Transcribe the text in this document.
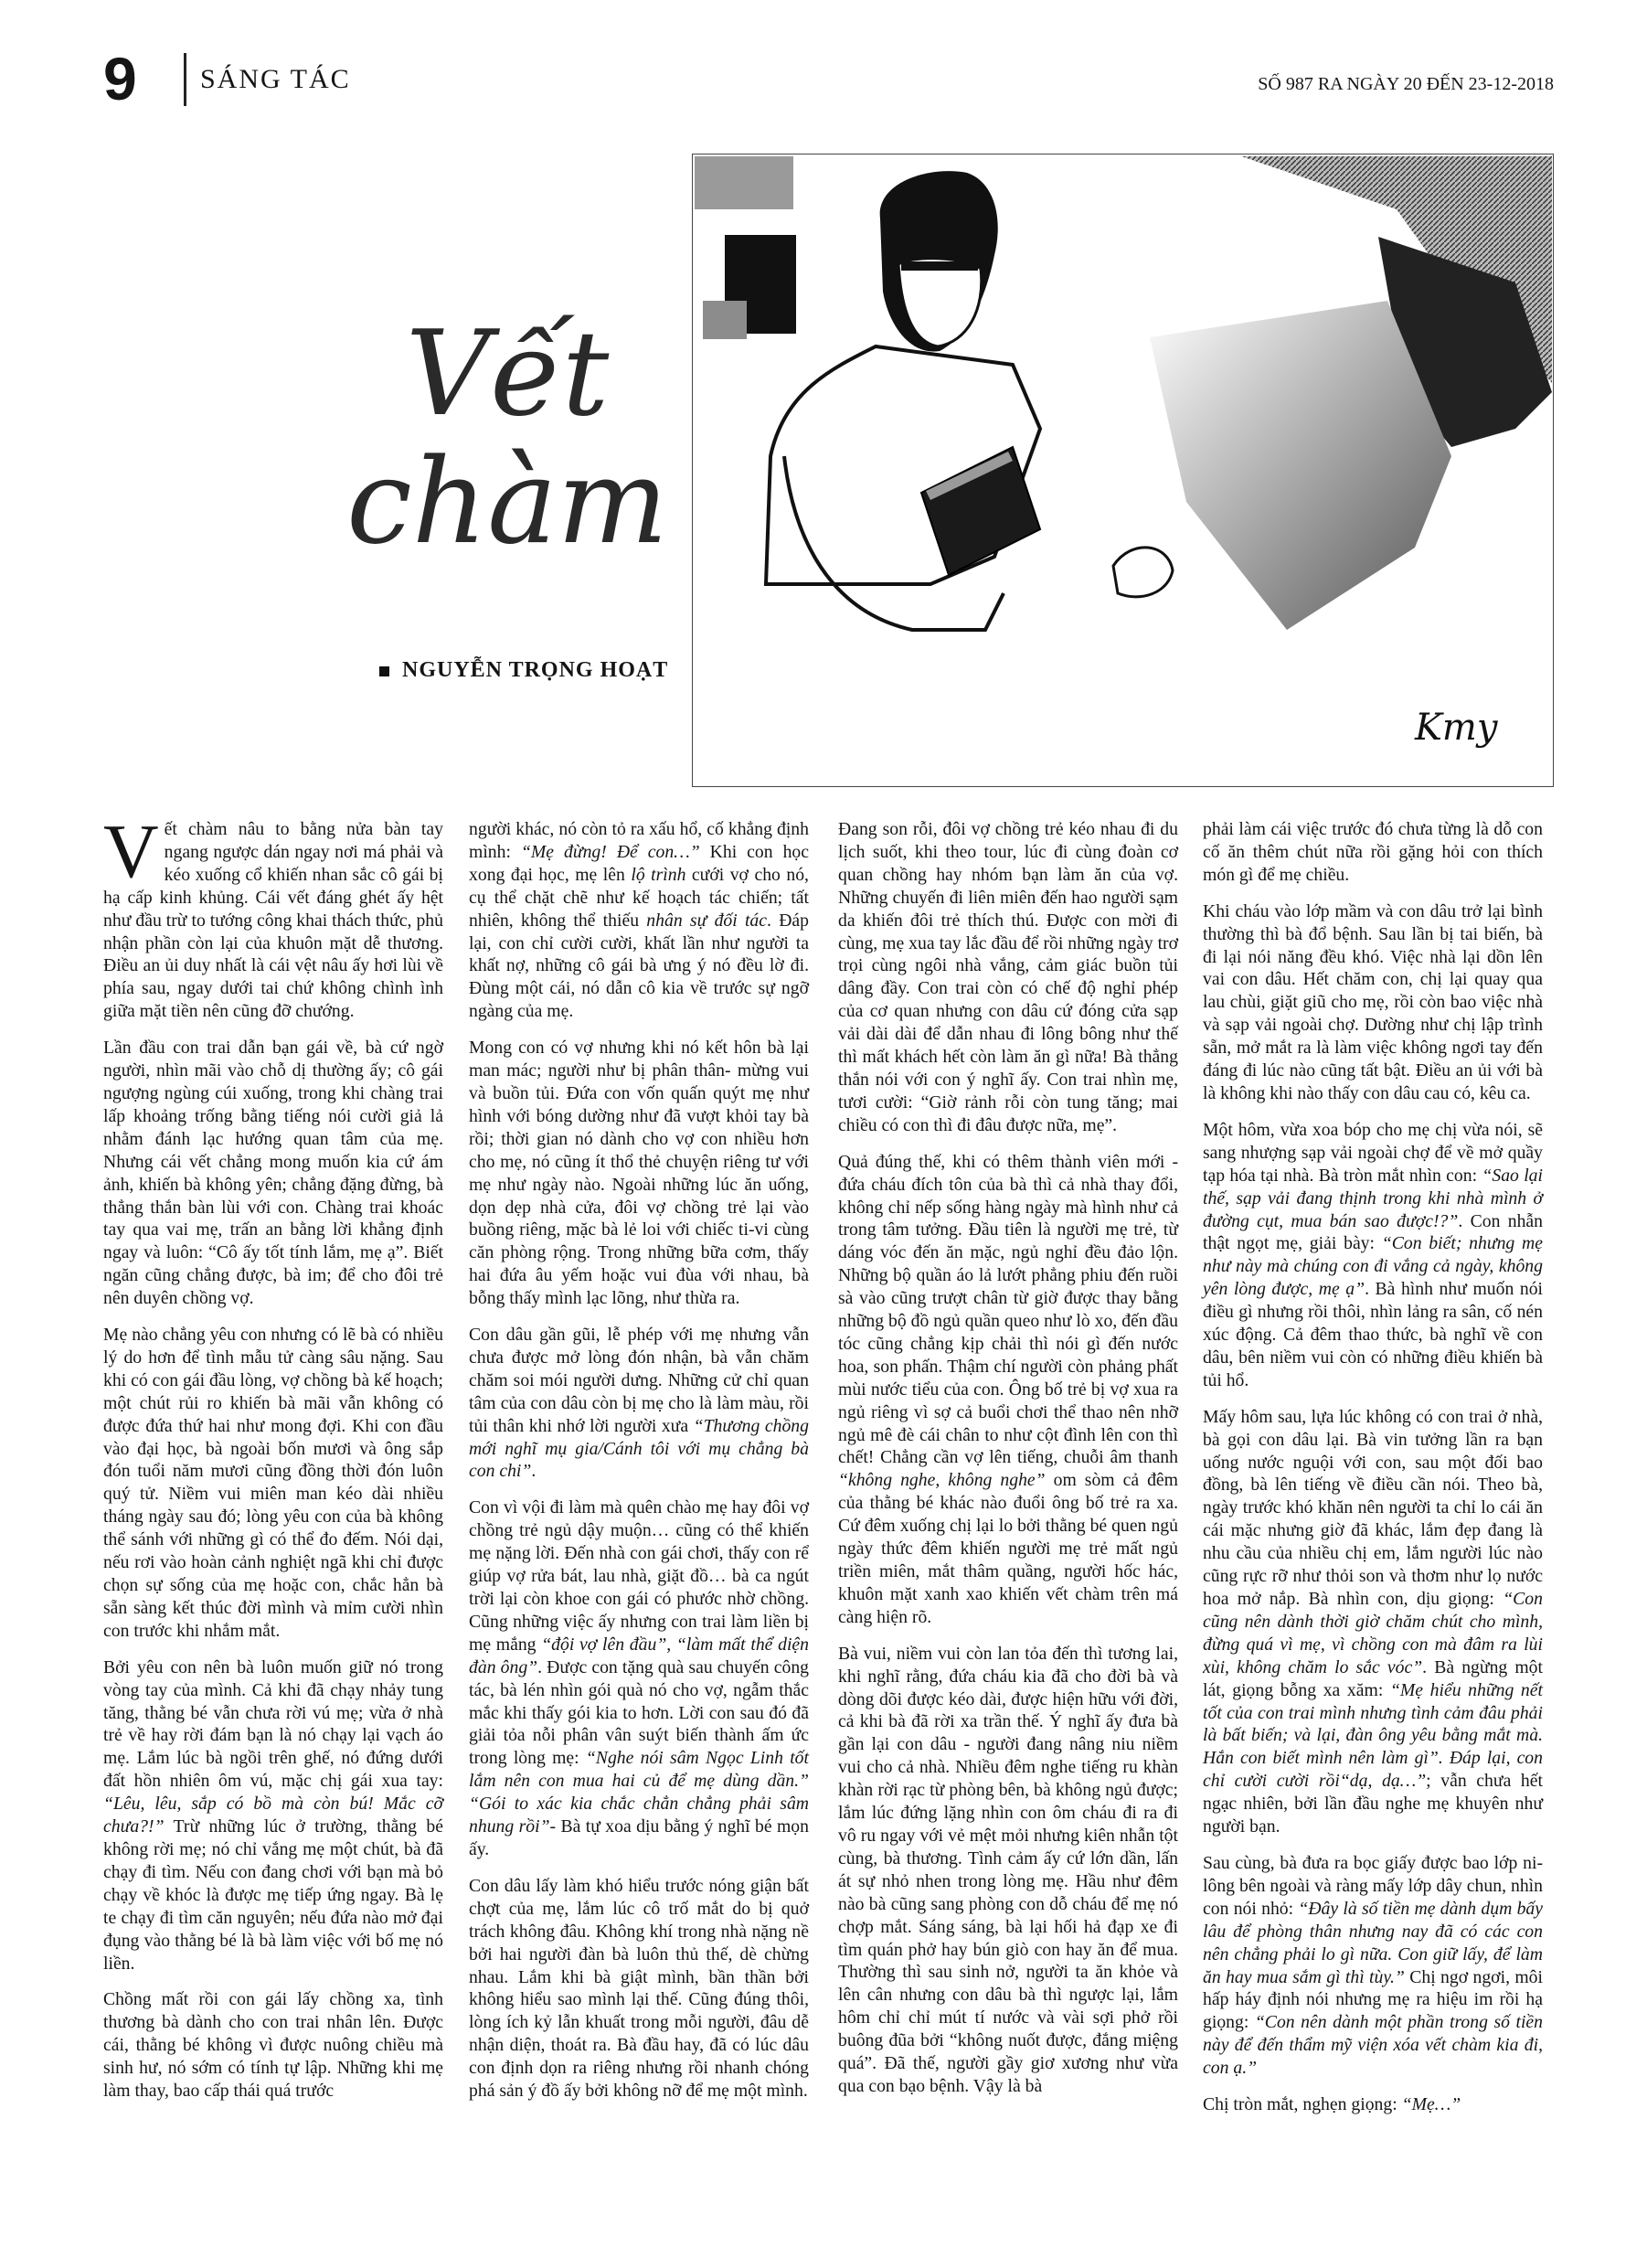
9 SÁNG TÁC	SỐ 987 RA NGÀY 20 ĐẾN 23-12-2018
Vết
chàm
NGUYỄN TRỌNG HOẠT
Kmy

Vết chàm nâu to bằng nửa bàn tay ngang ngược dán ngay nơi má phải và kéo xuống cổ khiến nhan sắc cô gái bị hạ cấp kinh khủng. Cái vết đáng ghét ấy hệt như đầu trừ to tướng công khai thách thức, phủ nhận phần còn lại của khuôn mặt dễ thương. Điều an ủi duy nhất là cái vệt nâu ấy hơi lùi về phía sau, ngay dưới tai chứ không chình ình giữa mặt tiền nên cũng đỡ chướng.

Lần đầu con trai dẫn bạn gái về, bà cứ ngờ người, nhìn mãi vào chỗ dị thường ấy; cô gái ngượng ngùng cúi xuống, trong khi chàng trai lấp khoảng trống bằng tiếng nói cười giả lả nhằm đánh lạc hướng quan tâm của mẹ. Nhưng cái vết chẳng mong muốn kia cứ ám ảnh, khiến bà không yên; chẳng đặng đừng, bà thẳng thắn bàn lùi với con. Chàng trai khoác tay qua vai mẹ, trấn an bằng lời khẳng định ngay và luôn: “Cô ấy tốt tính lắm, mẹ ạ”. Biết ngăn cũng chẳng được, bà im; để cho đôi trẻ nên duyên chồng vợ.

Mẹ nào chẳng yêu con nhưng có lẽ bà có nhiều lý do hơn để tình mẫu tử càng sâu nặng. Sau khi có con gái đầu lòng, vợ chồng bà kế hoạch; một chút rủi ro khiến bà mãi vẫn không có được đứa thứ hai như mong đợi. Khi con đầu vào đại học, bà ngoài bốn mươi và ông sắp đón tuổi năm mươi cũng đồng thời đón luôn quý tử. Niềm vui miên man kéo dài nhiều tháng ngày sau đó; lòng yêu con của bà không thể sánh với những gì có thể đo đếm. Nói dại, nếu rơi vào hoàn cảnh nghiệt ngã khi chỉ được chọn sự sống của mẹ hoặc con, chắc hẳn bà sẵn sàng kết thúc đời mình và mỉm cười nhìn con trước khi nhắm mắt.

Bởi yêu con nên bà luôn muốn giữ nó trong vòng tay của mình. Cả khi đã chạy nhảy tung tăng, thằng bé vẫn chưa rời vú mẹ; vừa ở nhà trẻ về hay rời đám bạn là nó chạy lại vạch áo mẹ. Lắm lúc bà ngồi trên ghế, nó đứng dưới đất hồn nhiên ôm vú, mặc chị gái xua tay: “Lêu, lêu, sắp có bồ mà còn bú! Mắc cỡ chưa?!” Trừ những lúc ở trường, thằng bé không rời mẹ; nó chỉ vắng mẹ một chút, bà đã chạy đi tìm. Nếu con đang chơi với bạn mà bỏ chạy về khóc là được mẹ tiếp ứng ngay. Bà lẹ te chạy đi tìm căn nguyên; nếu đứa nào mở đại đụng vào thằng bé là bà làm việc với bố mẹ nó liền.

Chồng mất rồi con gái lấy chồng xa, tình thương bà dành cho con trai nhân lên. Được cái, thằng bé không vì được nuông chiều mà sinh hư, nó sớm có tính tự lập. Những khi mẹ làm thay, bao cấp thái quá trước

người khác, nó còn tỏ ra xấu hổ, cố khẳng định mình: “Mẹ đừng! Để con…” Khi con học xong đại học, mẹ lên lộ trình cưới vợ cho nó, cụ thể chặt chẽ như kế hoạch tác chiến; tất nhiên, không thể thiếu nhân sự đối tác. Đáp lại, con chỉ cười cười, khất lần như người ta khất nợ, những cô gái bà ưng ý nó đều lờ đi. Đùng một cái, nó dẫn cô kia về trước sự ngỡ ngàng của mẹ.

Mong con có vợ nhưng khi nó kết hôn bà lại man mác; người như bị phân thân- mừng vui và buồn tủi. Đứa con vốn quấn quýt mẹ như hình với bóng dường như đã vượt khỏi tay bà rồi; thời gian nó dành cho vợ con nhiều hơn cho mẹ, nó cũng ít thổ thẻ chuyện riêng tư với mẹ như ngày nào. Ngoài những lúc ăn uống, dọn dẹp nhà cửa, đôi vợ chồng trẻ lại vào buồng riêng, mặc bà lẻ loi với chiếc ti-vi cùng căn phòng rộng. Trong những bữa cơm, thấy hai đứa âu yếm hoặc vui đùa với nhau, bà bỗng thấy mình lạc lõng, như thừa ra.

Con dâu gần gũi, lễ phép với mẹ nhưng vẫn chưa được mở lòng đón nhận, bà vẫn chăm chăm soi mói người dưng. Những cử chỉ quan tâm của con dâu còn bị mẹ cho là làm màu, rồi tủi thân khi nhớ lời người xưa “Thương chồng mới nghĩ mụ gia/Cánh tôi với mụ chẳng bà con chi”.

Con vì vội đi làm mà quên chào mẹ hay đôi vợ chồng trẻ ngủ dậy muộn… cũng có thể khiến mẹ nặng lời. Đến nhà con gái chơi, thấy con rể giúp vợ rửa bát, lau nhà, giặt đồ… bà ca ngút trời lại còn khoe con gái có phước nhờ chồng. Cũng những việc ấy nhưng con trai làm liền bị mẹ mắng “đội vợ lên đầu”, “làm mất thể diện đàn ông”. Được con tặng quà sau chuyến công tác, bà lén nhìn gói quà nó cho vợ, ngẫm thắc mắc khi thấy gói kia to hơn. Lời con sau đó đã giải tỏa nỗi phân vân suýt biến thành ấm ức trong lòng mẹ: “Nghe nói sâm Ngọc Linh tốt lắm nên con mua hai củ để mẹ dùng dần.” “Gói to xác kia chắc chẳn chẳng phải sâm nhung rồi”- Bà tự xoa dịu bằng ý nghĩ bé mọn ấy.

Con dâu lấy làm khó hiểu trước nóng giận bất chợt của mẹ, lắm lúc cô trố mắt do bị quở trách không đâu. Không khí trong nhà nặng nề bởi hai người đàn bà luôn thủ thế, dè chừng nhau. Lắm khi bà giật mình, bần thần bởi không hiểu sao mình lại thế. Cũng đúng thôi, lòng ích kỷ lẫn khuất trong mỗi người, đâu dễ nhận diện, thoát ra. Bà đầu hay, đã có lúc dâu con định dọn ra riêng nhưng rồi nhanh chóng phá sản ý đồ ấy bởi không nỡ để mẹ một mình.

Đang son rỗi, đôi vợ chồng trẻ kéo nhau đi du lịch suốt, khi theo tour, lúc đi cùng đoàn cơ quan chồng hay nhóm bạn làm ăn của vợ. Những chuyến đi liên miên đến hao người sạm da khiến đôi trẻ thích thú. Được con mời đi cùng, mẹ xua tay lắc đầu để rồi những ngày trơ trọi cùng ngôi nhà vắng, cảm giác buồn tủi dâng đầy. Con trai còn có chế độ nghỉ phép của cơ quan nhưng con dâu cứ đóng cửa sạp vải dài dài để dẫn nhau đi lông bông như thế thì mất khách hết còn làm ăn gì nữa! Bà thẳng thắn nói với con ý nghĩ ấy. Con trai nhìn mẹ, tươi cười: “Giờ rảnh rỗi còn tung tăng; mai chiều có con thì đi đâu được nữa, mẹ”.

Quả đúng thế, khi có thêm thành viên mới - đứa cháu đích tôn của bà thì cả nhà thay đổi, không chỉ nếp sống hàng ngày mà hình như cả trong tâm tưởng. Đầu tiên là người mẹ trẻ, từ dáng vóc đến ăn mặc, ngủ nghỉ đều đảo lộn. Những bộ quần áo lả lướt phẳng phiu đến ruồi sà vào cũng trượt chân từ giờ được thay bằng những bộ đồ ngủ quần queo như lò xo, đến đầu tóc cũng chẳng kịp chải thì nói gì đến nước hoa, son phấn. Thậm chí người còn phảng phất mùi nước tiểu của con. Ông bố trẻ bị vợ xua ra ngủ riêng vì sợ cả buổi chơi thể thao nên nhỡ ngủ mê đè cái chân to như cột đình lên con thì chết! Chẳng cần vợ lên tiếng, chuỗi âm thanh “không nghe, không nghe” om sòm cả đêm của thằng bé khác nào đuổi ông bố trẻ ra xa. Cứ đêm xuống chị lại lo bởi thằng bé quen ngủ ngày thức đêm khiến người mẹ trẻ mất ngủ triền miên, mắt thâm quầng, người hốc hác, khuôn mặt xanh xao khiến vết chàm trên má càng hiện rõ.

Bà vui, niềm vui còn lan tỏa đến thì tương lai, khi nghĩ rằng, đứa cháu kia đã cho đời bà và dòng dõi được kéo dài, được hiện hữu với đời, cả khi bà đã rời xa trần thế. Ý nghĩ ấy đưa bà gần lại con dâu - người đang nâng niu niềm vui cho cả nhà. Nhiều đêm nghe tiếng ru khàn khàn rời rạc từ phòng bên, bà không ngủ được; lắm lúc đứng lặng nhìn con ôm cháu đi ra đi vô ru ngay với vẻ mệt mỏi nhưng kiên nhẫn tột cùng, bà thương. Tình cảm ấy cứ lớn dần, lấn át sự nhỏ nhen trong lòng mẹ. Hầu như đêm nào bà cũng sang phòng con dỗ cháu để mẹ nó chợp mắt. Sáng sáng, bà lại hối hả đạp xe đi tìm quán phở hay bún giò con hay ăn để mua. Thường thì sau sinh nở, người ta ăn khỏe và lên cân nhưng con dâu bà thì ngược lại, lắm hôm chỉ chỉ mút tí nước và vài sợi phở rồi buông đũa bởi “không nuốt được, đắng miệng quá”. Đã thế, người gầy giơ xương như vừa qua con bạo bệnh. Vậy là bà

phải làm cái việc trước đó chưa từng là dỗ con cố ăn thêm chút nữa rồi gặng hỏi con thích món gì để mẹ chiều.

Khi cháu vào lớp mầm và con dâu trở lại bình thường thì bà đổ bệnh. Sau lần bị tai biến, bà đi lại nói năng đều khó. Việc nhà lại dồn lên vai con dâu. Hết chăm con, chị lại quay qua lau chùi, giặt giũ cho mẹ, rồi còn bao việc nhà và sạp vải ngoài chợ. Dường như chị lập trình sẵn, mở mắt ra là làm việc không ngơi tay đến đáng đi lúc nào cũng tất bật. Điều an ủi với bà là không khi nào thấy con dâu cau có, kêu ca.

Một hôm, vừa xoa bóp cho mẹ chị vừa nói, sẽ sang nhượng sạp vải ngoài chợ để về mở quầy tạp hóa tại nhà. Bà tròn mắt nhìn con: “Sao lại thế, sạp vải đang thịnh trong khi nhà mình ở đường cụt, mua bán sao được!?”. Con nhẫn thật ngọt mẹ, giải bày: “Con biết; nhưng mẹ như này mà chúng con đi vắng cả ngày, không yên lòng được, mẹ ạ”. Bà hình như muốn nói điều gì nhưng rồi thôi, nhìn lảng ra sân, cố nén xúc động. Cả đêm thao thức, bà nghĩ về con dâu, bên niềm vui còn có những điều khiến bà tủi hổ.

Mấy hôm sau, lựa lúc không có con trai ở nhà, bà gọi con dâu lại. Bà vin tưởng lần ra bạn uống nước nguội với con, sau một đối bao đồng, bà lên tiếng về điều cần nói. Theo bà, ngày trước khó khăn nên người ta chỉ lo cái ăn cái mặc nhưng giờ đã khác, lắm đẹp đang là nhu cầu của nhiều chị em, lắm người lúc nào cũng rực rỡ như thỏi son và thơm như lọ nước hoa mở nắp. Bà nhìn con, dịu giọng: “Con cũng nên dành thời giờ chăm chút cho mình, đừng quá vì mẹ, vì chồng con mà đâm ra lùi xùi, không chăm lo sắc vóc”. Bà ngừng một lát, giọng bỗng xa xăm: “Mẹ hiểu những nết tốt của con trai mình nhưng tình cảm đâu phải là bất biến; và lại, đàn ông yêu bằng mắt mà. Hắn con biết mình nên làm gì”. Đáp lại, con chỉ cười cười rồi“dạ, dạ…”; vẫn chưa hết ngạc nhiên, bởi lần đầu nghe mẹ khuyên như người bạn.

Sau cùng, bà đưa ra bọc giấy được bao lớp ni-lông bên ngoài và ràng mấy lớp dây chun, nhìn con nói nhỏ: “Đây là số tiền mẹ dành dụm bấy lâu để phòng thân nhưng nay đã có các con nên chẳng phải lo gì nữa. Con giữ lấy, để làm ăn hay mua sắm gì thì tùy.” Chị ngơ ngơi, môi hấp háy định nói nhưng mẹ ra hiệu im rồi hạ giọng: “Con nên dành một phần trong số tiền này để đến thẩm mỹ viện xóa vết chàm kia đi, con ạ.”

Chị tròn mắt, nghẹn giọng: “Mẹ…”
